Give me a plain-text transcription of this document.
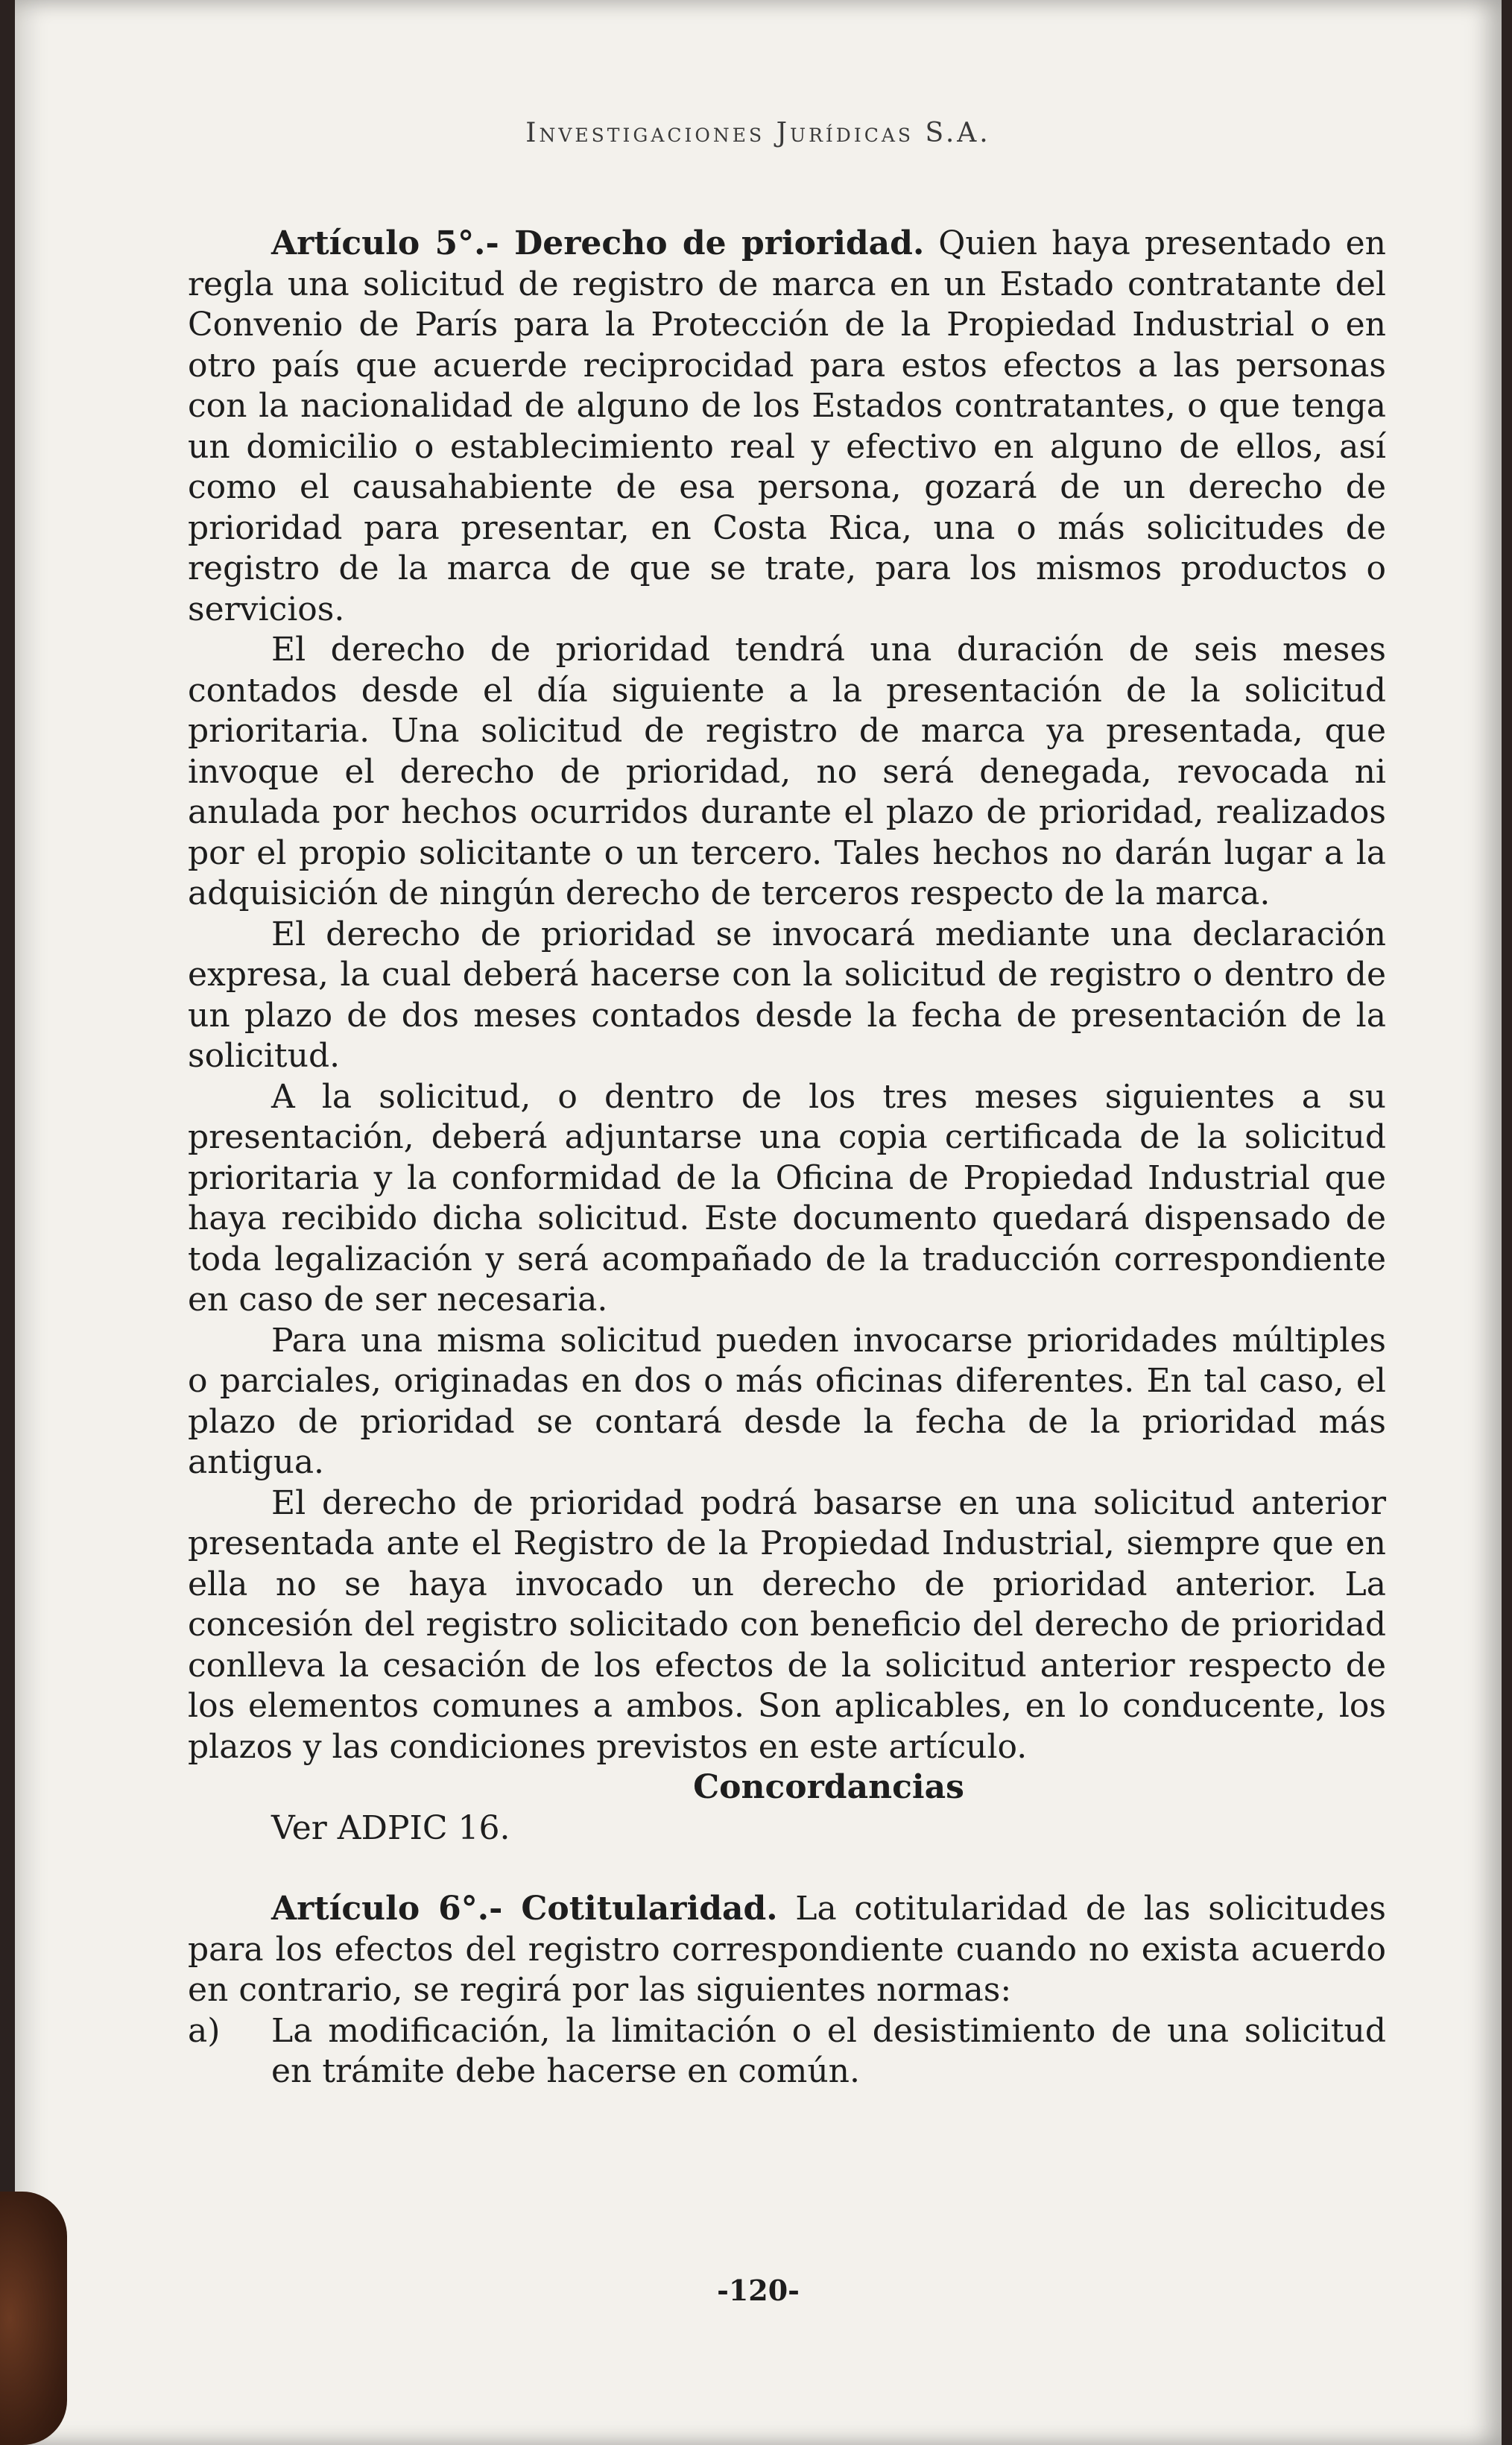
Investigaciones Jurídicas S.A.

Artículo 5°.- Derecho de prioridad. Quien haya presentado en regla una solicitud de registro de marca en un Estado contratante del Convenio de París para la Protección de la Propiedad Industrial o en otro país que acuerde reciprocidad para estos efectos a las personas con la nacionalidad de alguno de los Estados contratantes, o que tenga un domicilio o establecimiento real y efectivo en alguno de ellos, así como el causahabiente de esa persona, gozará de un derecho de prioridad para presentar, en Costa Rica, una o más solicitudes de registro de la marca de que se trate, para los mismos productos o servicios.

El derecho de prioridad tendrá una duración de seis meses contados desde el día siguiente a la presentación de la solicitud prioritaria. Una solicitud de registro de marca ya presentada, que invoque el derecho de prioridad, no será denegada, revocada ni anulada por hechos ocurridos durante el plazo de prioridad, realizados por el propio solicitante o un tercero. Tales hechos no darán lugar a la adquisición de ningún derecho de terceros respecto de la marca.

El derecho de prioridad se invocará mediante una declaración expresa, la cual deberá hacerse con la solicitud de registro o dentro de un plazo de dos meses contados desde la fecha de presentación de la solicitud.

A la solicitud, o dentro de los tres meses siguientes a su presentación, deberá adjuntarse una copia certificada de la solicitud prioritaria y la conformidad de la Oficina de Propiedad Industrial que haya recibido dicha solicitud. Este documento quedará dispensado de toda legalización y será acompañado de la traducción correspondiente en caso de ser necesaria.

Para una misma solicitud pueden invocarse prioridades múltiples o parciales, originadas en dos o más oficinas diferentes. En tal caso, el plazo de prioridad se contará desde la fecha de la prioridad más antigua.

El derecho de prioridad podrá basarse en una solicitud anterior presentada ante el Registro de la Propiedad Industrial, siempre que en ella no se haya invocado un derecho de prioridad anterior. La concesión del registro solicitado con beneficio del derecho de prioridad conlleva la cesación de los efectos de la solicitud anterior respecto de los elementos comunes a ambos. Son aplicables, en lo conducente, los plazos y las condiciones previstos en este artículo.

Concordancias

Ver ADPIC 16.

Artículo 6°.- Cotitularidad. La cotitularidad de las solicitudes para los efectos del registro correspondiente cuando no exista acuerdo en contrario, se regirá por las siguientes normas:

a)	La modificación, la limitación o el desistimiento de una solicitud en trámite debe hacerse en común.
-120-
